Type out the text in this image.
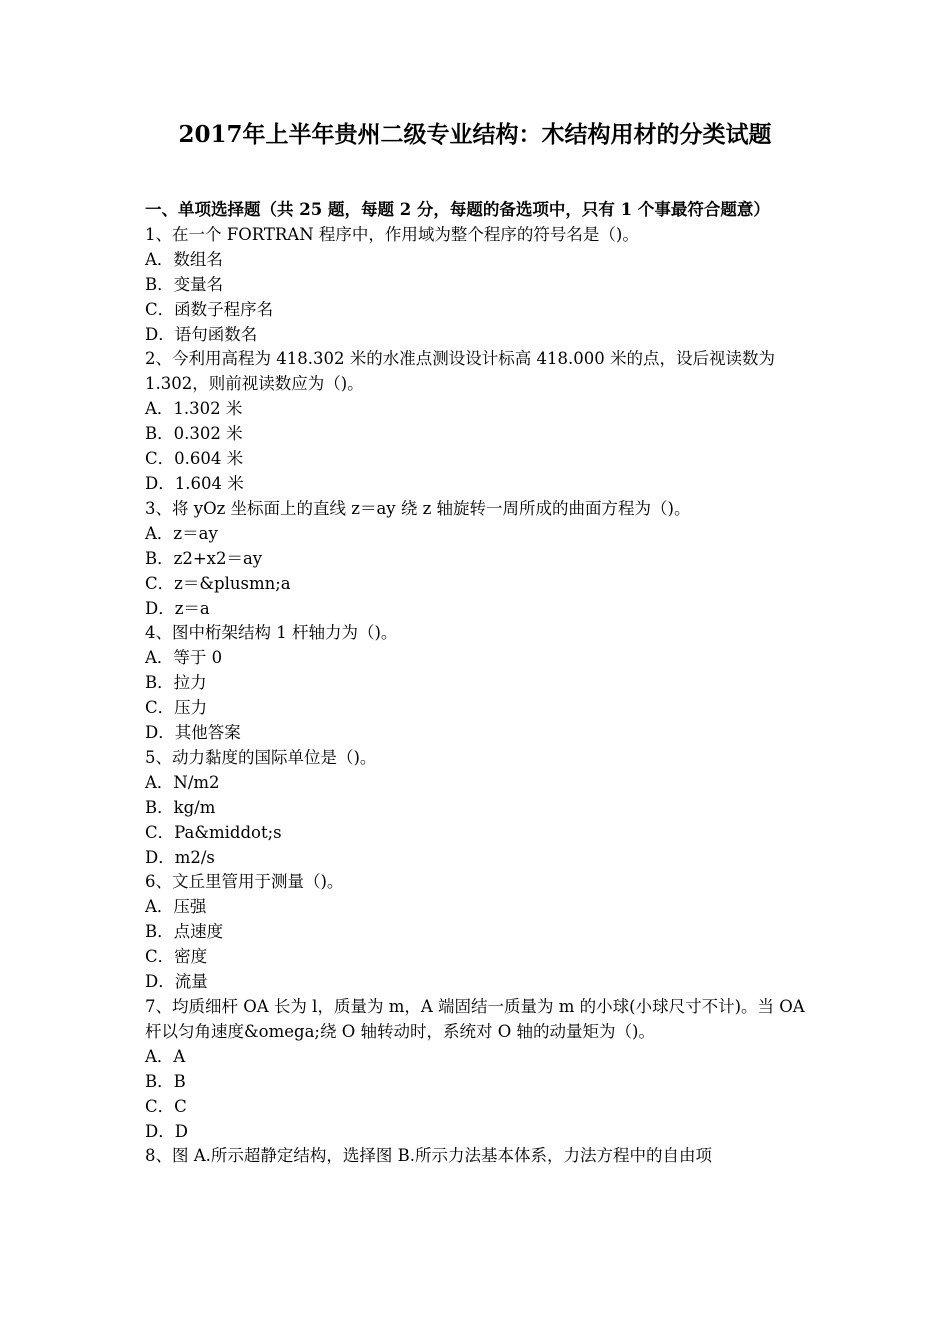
2017年上半年贵州二级专业结构：木结构用材的分类试题

一、单项选择题（共 25 题，每题 2 分，每题的备选项中，只有 1 个事最符合题意）

1、在一个 FORTRAN 程序中，作用域为整个程序的符号名是（)。

A．数组名

B．变量名

C．函数子程序名

D．语句函数名

2、今利用高程为 418.302 米的水准点测设设计标高 418.000 米的点，设后视读数为 1.302，则前视读数应为（)。

A．1.302 米

B．0.302 米

C．0.604 米

D．1.604 米

3、将 yOz 坐标面上的直线 z＝ay 绕 z 轴旋转一周所成的曲面方程为（)。

A．z＝ay

B．z2+x2＝ay

C．z＝&plusmn;a

D．z＝a

4、图中桁架结构 1 杆轴力为（)。

A．等于 0

B．拉力

C．压力

D．其他答案

5、动力黏度的国际单位是（)。

A．N/m2

B．kg/m

C．Pa&middot;s

D．m2/s

6、文丘里管用于测量（)。

A．压强

B．点速度

C．密度

D．流量

7、均质细杆 OA 长为 l，质量为 m，A 端固结一质量为 m 的小球(小球尺寸不计)。当 OA 杆以匀角速度&omega;绕 O 轴转动时，系统对 O 轴的动量矩为（)。

A．A

B．B

C．C

D．D

8、图 A.所示超静定结构，选择图 B.所示力法基本体系，力法方程中的自由项
